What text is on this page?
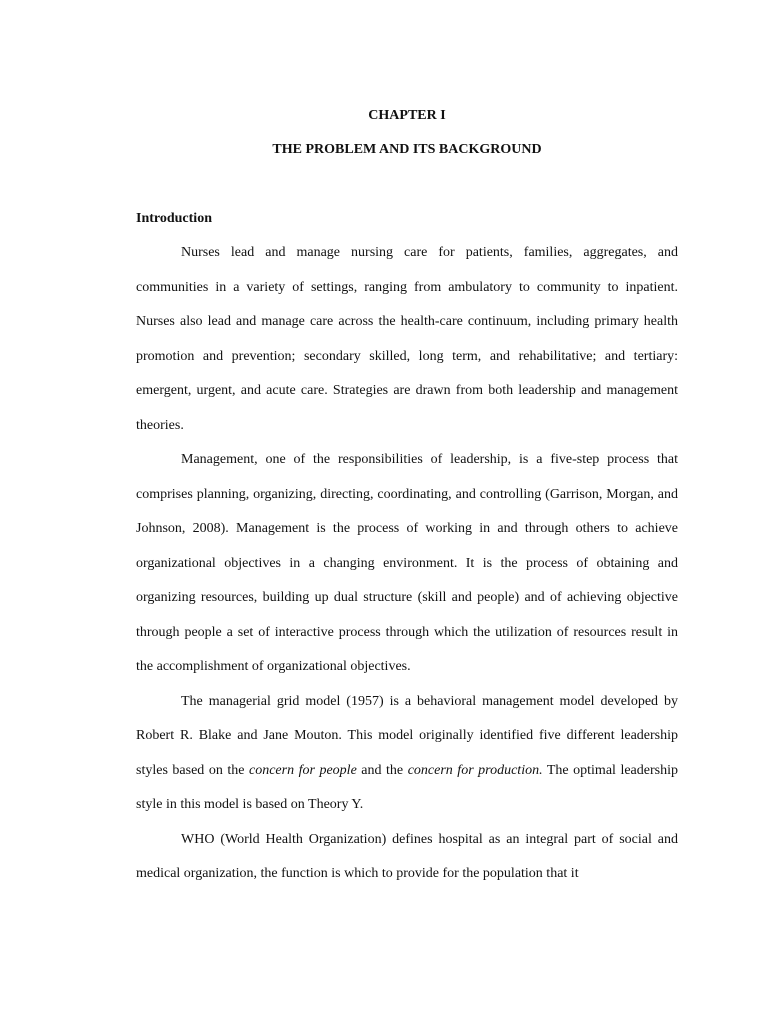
CHAPTER I
THE PROBLEM AND ITS BACKGROUND
Introduction

Nurses lead and manage nursing care for patients, families, aggregates, and communities in a variety of settings, ranging from ambulatory to community to inpatient. Nurses also lead and manage care across the health-care continuum, including primary health promotion and prevention; secondary skilled, long term, and rehabilitative; and tertiary: emergent, urgent, and acute care. Strategies are drawn from both leadership and management theories.

Management, one of the responsibilities of leadership, is a five-step process that comprises planning, organizing, directing, coordinating, and controlling (Garrison, Morgan, and Johnson, 2008). Management is the process of working in and through others to achieve organizational objectives in a changing environment. It is the process of obtaining and organizing resources, building up dual structure (skill and people) and of achieving objective through people a set of interactive process through which the utilization of resources result in the accomplishment of organizational objectives.

The managerial grid model (1957) is a behavioral management model developed by Robert R. Blake and Jane Mouton. This model originally identified five different leadership styles based on the concern for people and the concern for production. The optimal leadership style in this model is based on Theory Y.

WHO (World Health Organization) defines hospital as an integral part of social and medical organization, the function is which to provide for the population that it
